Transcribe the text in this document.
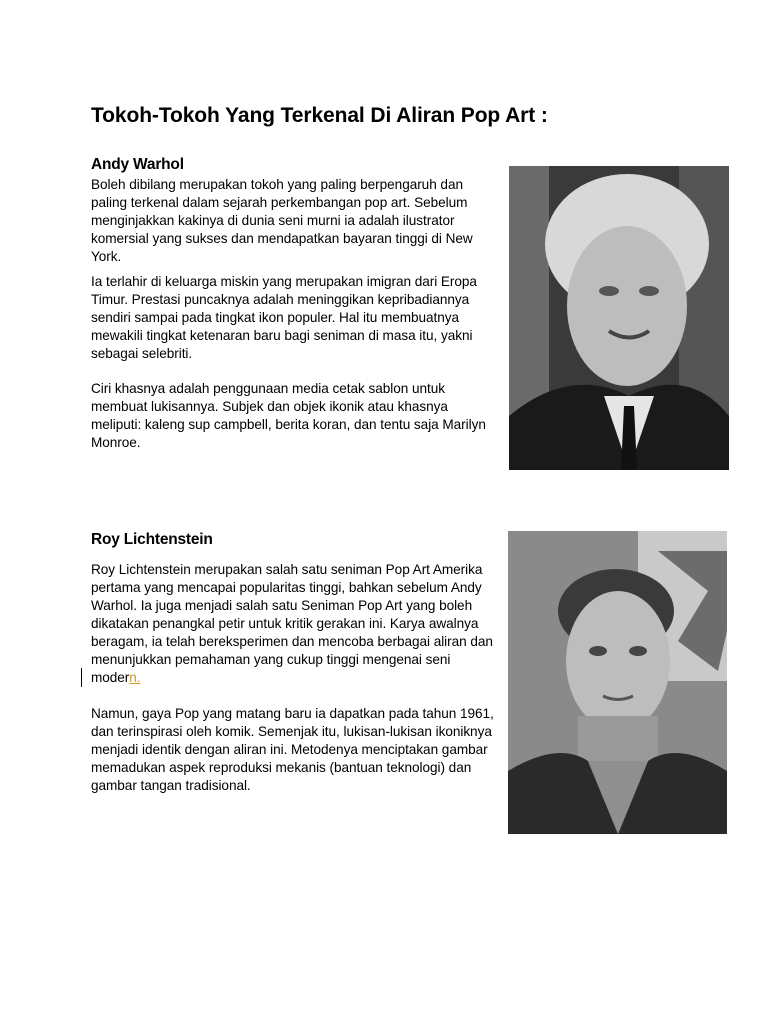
Tokoh-Tokoh Yang Terkenal Di Aliran Pop Art :
Andy Warhol

Boleh dibilang merupakan tokoh yang paling berpengaruh dan paling terkenal dalam sejarah perkembangan pop art. Sebelum menginjakkan kakinya di dunia seni murni ia adalah ilustrator komersial yang sukses dan mendapatkan bayaran tinggi di New York.

Ia terlahir di keluarga miskin yang merupakan imigran dari Eropa Timur. Prestasi puncaknya adalah meninggikan kepribadiannya sendiri sampai pada tingkat ikon populer. Hal itu membuatnya mewakili tingkat ketenaran baru bagi seniman di masa itu, yakni sebagai selebriti.

Ciri khasnya adalah penggunaan media cetak sablon untuk membuat lukisannya. Subjek dan objek ikonik atau khasnya meliputi: kaleng sup campbell, berita koran, dan tentu saja Marilyn Monroe.

Roy Lichtenstein

Roy Lichtenstein merupakan salah satu seniman Pop Art Amerika pertama yang mencapai popularitas tinggi, bahkan sebelum Andy Warhol. Ia juga menjadi salah satu Seniman Pop Art yang boleh dikatakan penangkal petir untuk kritik gerakan ini. Karya awalnya beragam, ia telah bereksperimen dan mencoba berbagai aliran dan menunjukkan pemahaman yang cukup tinggi mengenai seni modern.

Namun, gaya Pop yang matang baru ia dapatkan pada tahun 1961, dan terinspirasi oleh komik. Semenjak itu, lukisan-lukisan ikoniknya menjadi identik dengan aliran ini. Metodenya menciptakan gambar memadukan aspek reproduksi mekanis (bantuan teknologi) dan gambar tangan tradisional.
